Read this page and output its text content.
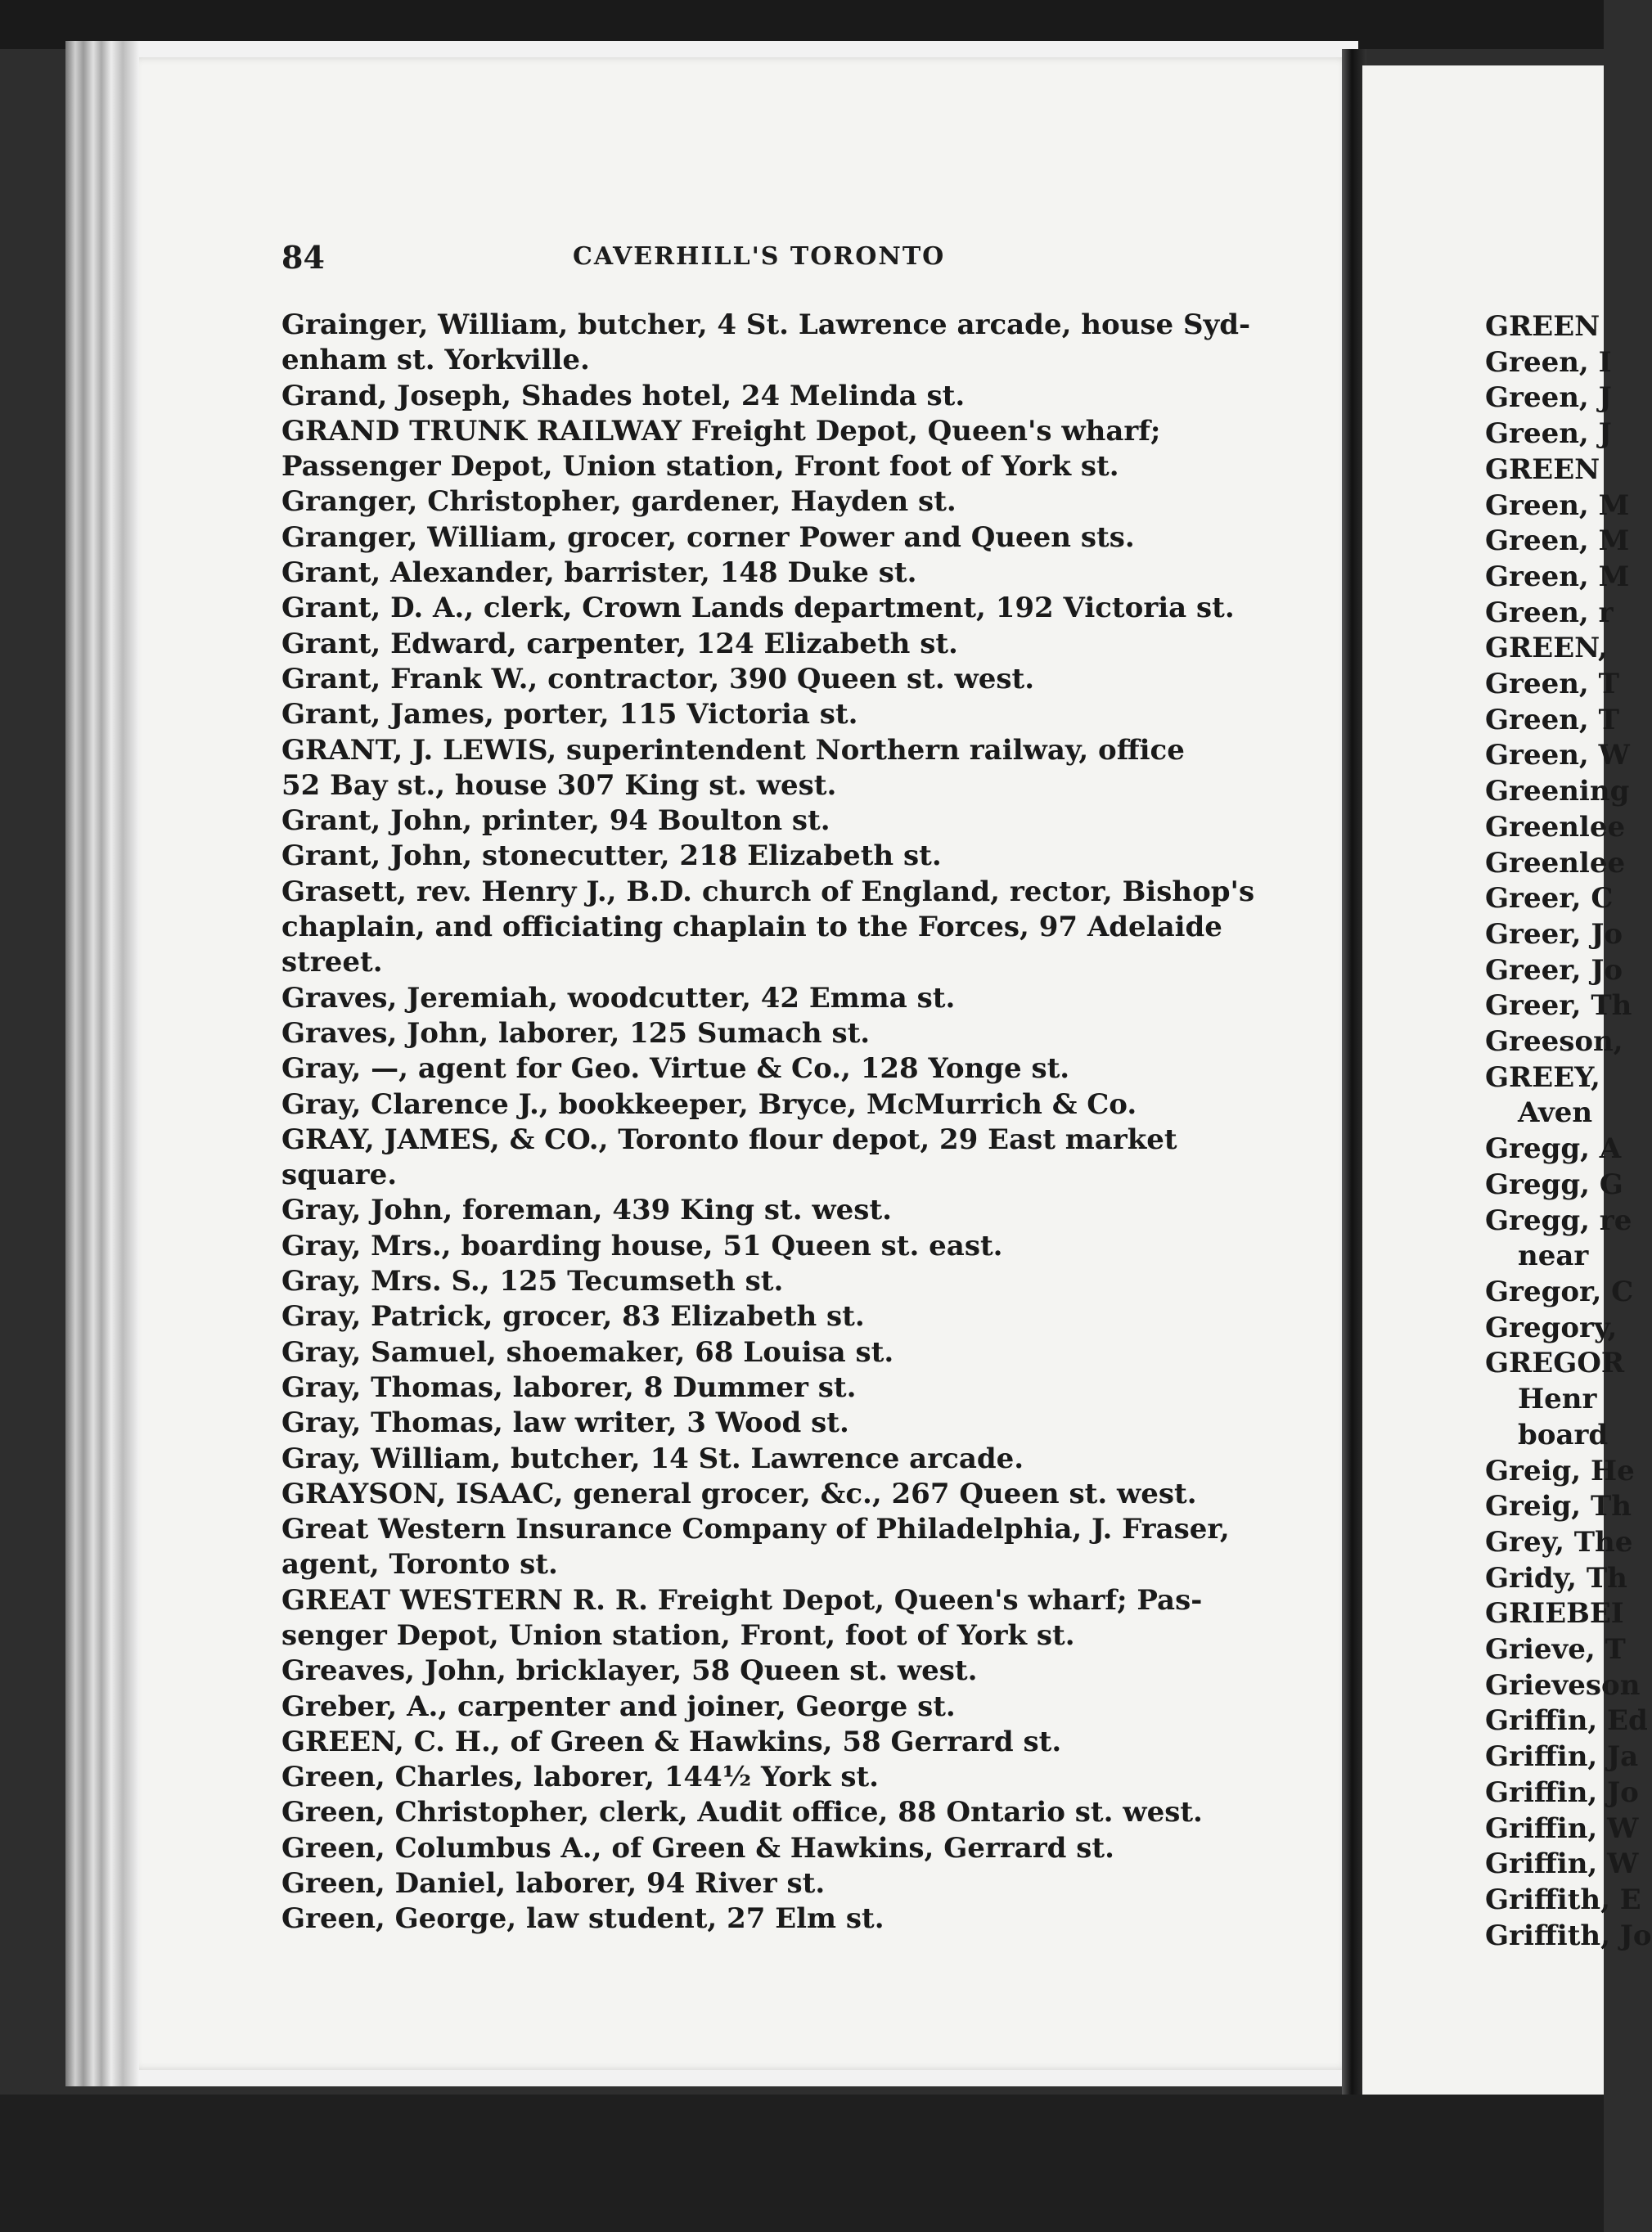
84	CAVERHILL'S TORONTO
Grainger, William, butcher, 4 St. Lawrence arcade, house Syd-
enham st. Yorkville.
Grand, Joseph, Shades hotel, 24 Melinda st.
GRAND TRUNK RAILWAY Freight Depot, Queen's wharf;
Passenger Depot, Union station, Front foot of York st.
Granger, Christopher, gardener, Hayden st.
Granger, William, grocer, corner Power and Queen sts.
Grant, Alexander, barrister, 148 Duke st.
Grant, D. A., clerk, Crown Lands department, 192 Victoria st.
Grant, Edward, carpenter, 124 Elizabeth st.
Grant, Frank W., contractor, 390 Queen st. west.
Grant, James, porter, 115 Victoria st.
GRANT, J. LEWIS, superintendent Northern railway, office
52 Bay st., house 307 King st. west.
Grant, John, printer, 94 Boulton st.
Grant, John, stonecutter, 218 Elizabeth st.
Grasett, rev. Henry J., B.D. church of England, rector, Bishop's
chaplain, and officiating chaplain to the Forces, 97 Adelaide
street.
Graves, Jeremiah, woodcutter, 42 Emma st.
Graves, John, laborer, 125 Sumach st.
Gray, —, agent for Geo. Virtue & Co., 128 Yonge st.
Gray, Clarence J., bookkeeper, Bryce, McMurrich & Co.
GRAY, JAMES, & CO., Toronto flour depot, 29 East market
square.
Gray, John, foreman, 439 King st. west.
Gray, Mrs., boarding house, 51 Queen st. east.
Gray, Mrs. S., 125 Tecumseth st.
Gray, Patrick, grocer, 83 Elizabeth st.
Gray, Samuel, shoemaker, 68 Louisa st.
Gray, Thomas, laborer, 8 Dummer st.
Gray, Thomas, law writer, 3 Wood st.
Gray, William, butcher, 14 St. Lawrence arcade.
GRAYSON, ISAAC, general grocer, &c., 267 Queen st. west.
Great Western Insurance Company of Philadelphia, J. Fraser,
agent, Toronto st.
GREAT WESTERN R. R. Freight Depot, Queen's wharf; Pas-
senger Depot, Union station, Front, foot of York st.
Greaves, John, bricklayer, 58 Queen st. west.
Greber, A., carpenter and joiner, George st.
GREEN, C. H., of Green & Hawkins, 58 Gerrard st.
Green, Charles, laborer, 144½ York st.
Green, Christopher, clerk, Audit office, 88 Ontario st. west.
Green, Columbus A., of Green & Hawkins, Gerrard st.
Green, Daniel, laborer, 94 River st.
Green, George, law student, 27 Elm st.
GREEN
Green, I
Green, J
Green, J
GREEN
Green, M
Green, M
Green, M
Green, r
GREEN,
Green, T
Green, T
Green, W
Greening
Greenlee
Greenlee
Greer, C
Greer, Jo
Greer, Jo
Greer, Th
Greeson,
GREEY,
Aven
Gregg, A
Gregg, G
Gregg, re
near
Gregor, C
Gregory,
GREGOR
Henr
board
Greig, He
Greig, Th
Grey, The
Gridy, Th
GRIEBEI
Grieve, T
Grieveson
Griffin, Ed
Griffin, Ja
Griffin, Jo
Griffin, W
Griffin, W
Griffith, E
Griffith, Jo
